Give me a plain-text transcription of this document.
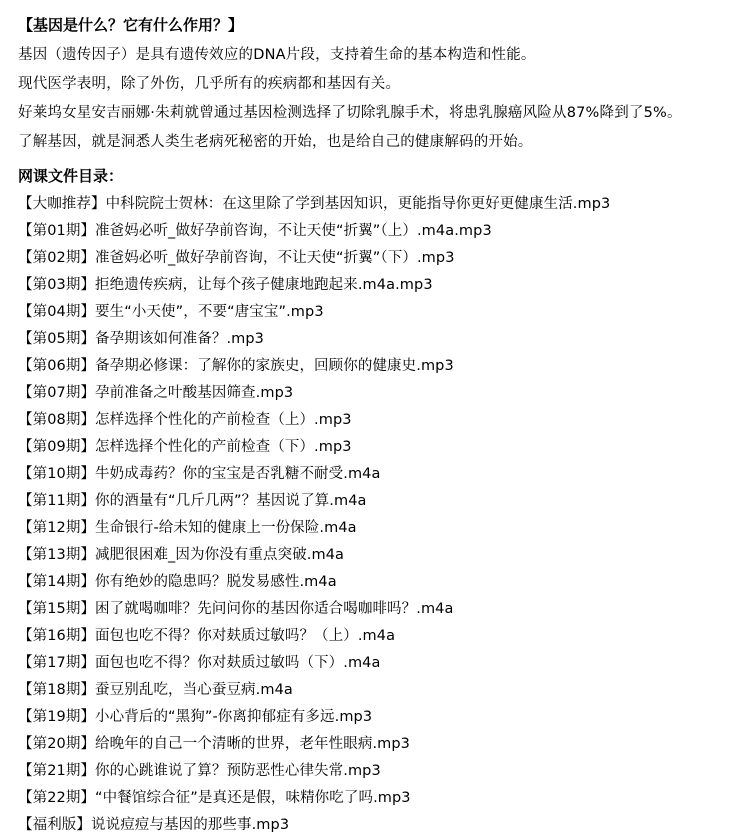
【基因是什么？它有什么作用？】

基因（遗传因子）是具有遗传效应的DNA片段，支持着生命的基本构造和性能。

现代医学表明，除了外伤，几乎所有的疾病都和基因有关。

好莱坞女星安吉丽娜·朱莉就曾通过基因检测选择了切除乳腺手术，将患乳腺癌风险从87%降到了5%。

了解基因，就是洞悉人类生老病死秘密的开始，也是给自己的健康解码的开始。

网课文件目录：
【大咖推荐】中科院院士贺林：在这里除了学到基因知识，更能指导你更好更健康生活.mp3
【第01期】准爸妈必听_做好孕前咨询，不让天使“折翼”（上）.m4a.mp3
【第02期】准爸妈必听_做好孕前咨询，不让天使“折翼”（下）.mp3
【第03期】拒绝遗传疾病，让每个孩子健康地跑起来.m4a.mp3
【第04期】要生“小天使”，不要“唐宝宝”.mp3
【第05期】备孕期该如何准备？.mp3
【第06期】备孕期必修课：了解你的家族史，回顾你的健康史.mp3
【第07期】孕前准备之叶酸基因筛查.mp3
【第08期】怎样选择个性化的产前检查（上）.mp3
【第09期】怎样选择个性化的产前检查（下）.mp3
【第10期】牛奶成毒药？你的宝宝是否乳糖不耐受.m4a
【第11期】你的酒量有“几斤几两”？基因说了算.m4a
【第12期】生命银行-给未知的健康上一份保险.m4a
【第13期】减肥很困难_因为你没有重点突破.m4a
【第14期】你有绝妙的隐患吗？脱发易感性.m4a
【第15期】困了就喝咖啡？先问问你的基因你适合喝咖啡吗？.m4a
【第16期】面包也吃不得？你对麸质过敏吗？（上）.m4a
【第17期】面包也吃不得？你对麸质过敏吗（下）.m4a
【第18期】蚕豆别乱吃，当心蚕豆病.m4a
【第19期】小心背后的“黑狗”-你离抑郁症有多远.mp3
【第20期】给晚年的自己一个清晰的世界，老年性眼病.mp3
【第21期】你的心跳谁说了算？预防恶性心律失常.mp3
【第22期】“中餐馆综合征”是真还是假，味精你吃了吗.mp3
【福利版】说说痘痘与基因的那些事.mp3
